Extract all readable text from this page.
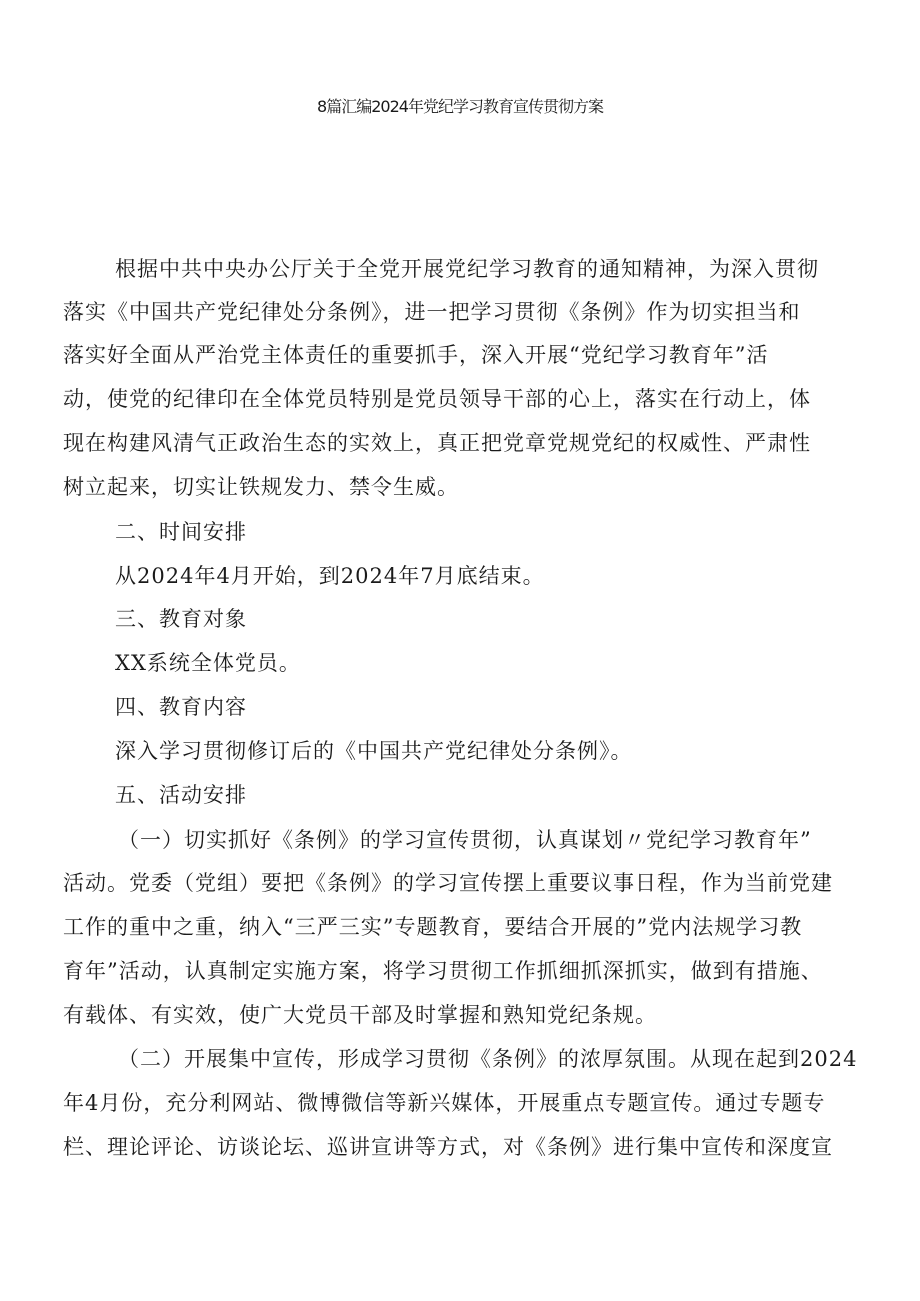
8篇汇编2024年党纪学习教育宣传贯彻方案
根据中共中央办公厅关于全党开展党纪学习教育的通知精神，为深入贯彻
落实《中国共产党纪律处分条例》，进一把学习贯彻《条例》作为切实担当和
落实好全面从严治党主体责任的重要抓手，深入开展“党纪学习教育年”活
动，使党的纪律印在全体党员特别是党员领导干部的心上，落实在行动上，体
现在构建风清气正政治生态的实效上，真正把党章党规党纪的权威性、严肃性
树立起来，切实让铁规发力、禁令生威。
二、时间安排
从2024年4月开始，到2024年7月底结束。
三、教育对象
XX系统全体党员。
四、教育内容
深入学习贯彻修订后的《中国共产党纪律处分条例》。
五、活动安排
（一）切实抓好《条例》的学习宣传贯彻，认真谋划〃党纪学习教育年”
活动。党委（党组）要把《条例》的学习宣传摆上重要议事日程，作为当前党建
工作的重中之重，纳入“三严三实”专题教育，要结合开展的”党内法规学习教
育年”活动，认真制定实施方案，将学习贯彻工作抓细抓深抓实，做到有措施、
有载体、有实效，使广大党员干部及时掌握和熟知党纪条规。
（二）开展集中宣传，形成学习贯彻《条例》的浓厚氛围。从现在起到2024
年4月份，充分利网站、微博微信等新兴媒体，开展重点专题宣传。通过专题专
栏、理论评论、访谈论坛、巡讲宣讲等方式，对《条例》进行集中宣传和深度宣
